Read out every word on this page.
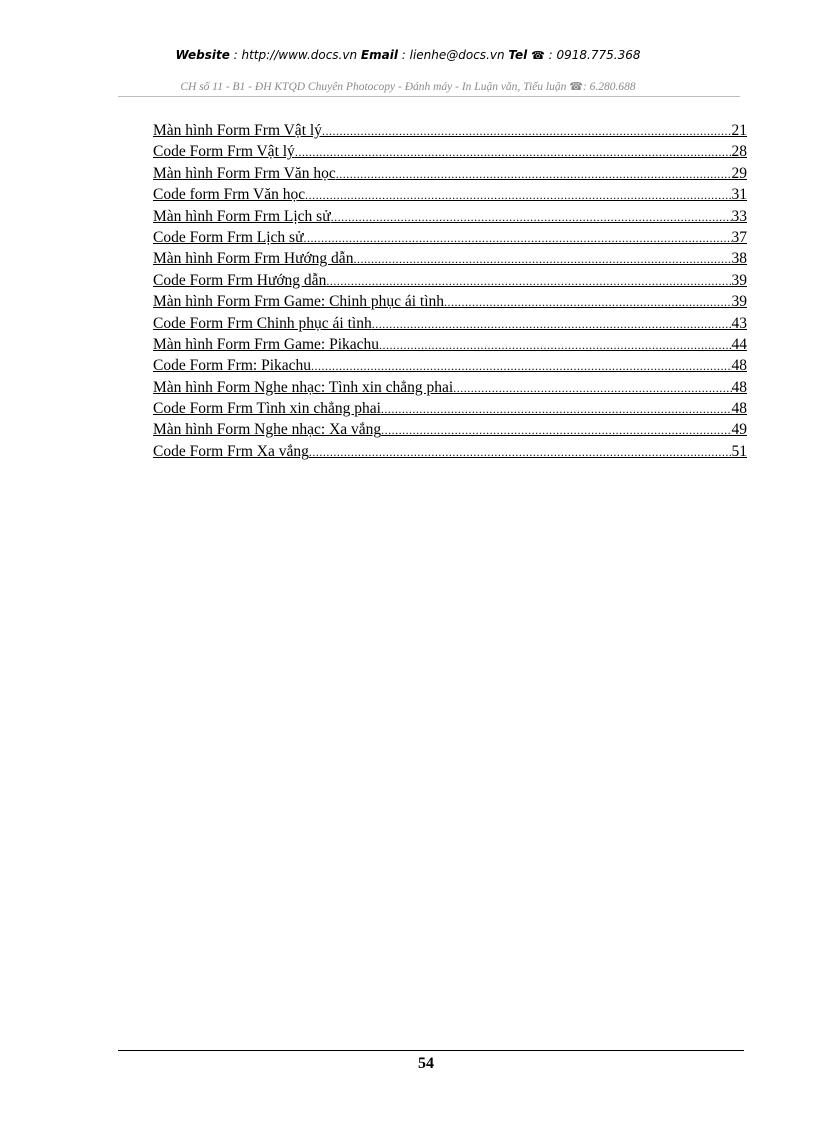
Website : http://www.docs.vn Email : lienhe@docs.vn Tel ☎ : 0918.775.368
CH số 11 - B1 - ĐH KTQD Chuyên Photocopy - Đánh máy - In Luận văn, Tiểu luận ☎: 6.280.688
Màn hình Form Frm Vật lý .....	21
Code Form Frm Vật lý .....	28
Màn hình Form Frm Văn học .....	29
Code form Frm Văn học .....	31
Màn hình Form Frm Lịch sử .....	33
Code Form Frm Lịch sử .....	37
Màn hình Form Frm Hướng dẫn .....	38
Code Form Frm Hướng dẫn .....	39
Màn hình Form Frm Game: Chinh phục ái tình .....	39
Code Form Frm Chinh phục ái tình .....	43
Màn hình Form Frm Game: Pikachu .....	44
Code Form Frm: Pikachu .....	48
Màn hình Form Nghe nhạc: Tình xin chẳng phai .....	48
Code Form Frm Tình xin chẳng phai .....	48
Màn hình Form Nghe nhạc: Xa vắng .....	49
Code Form Frm Xa vắng .....	51
54
